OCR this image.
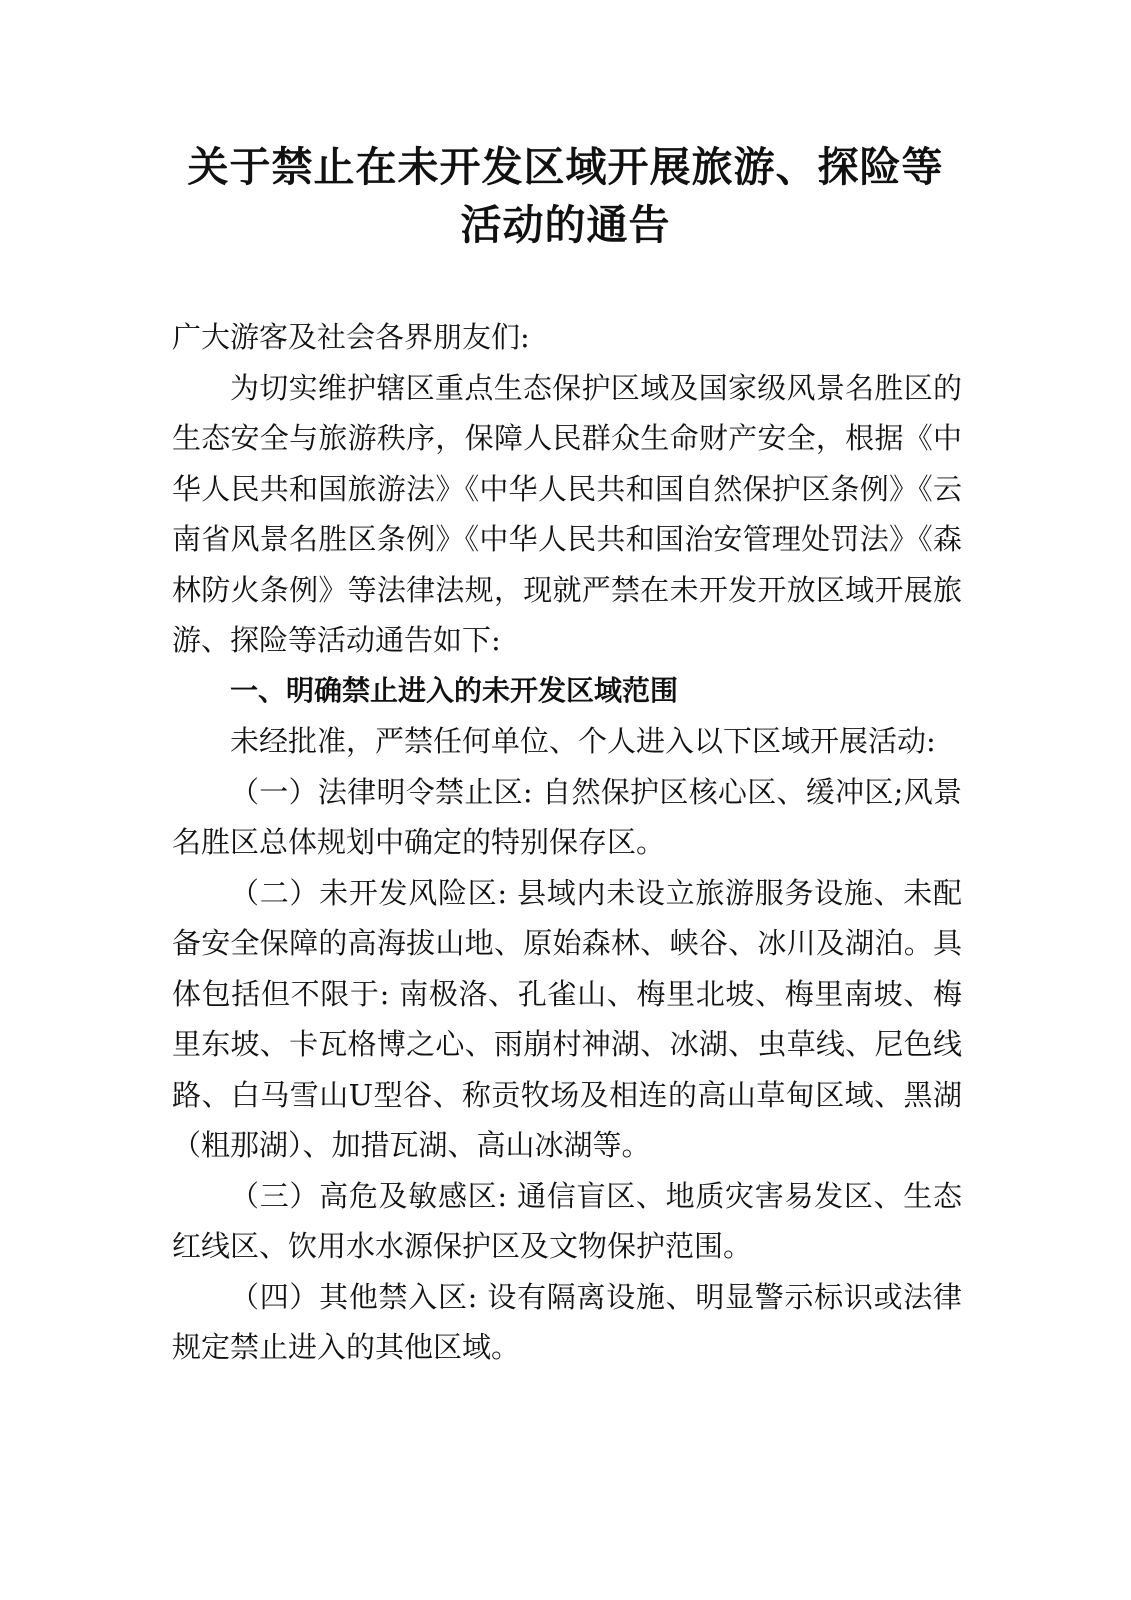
关于禁止在未开发区域开展旅游、探险等
活动的通告

广大游客及社会各界朋友们:

为切实维护辖区重点生态保护区域及国家级风景名胜区的生态安全与旅游秩序，保障人民群众生命财产安全，根据《中华人民共和国旅游法》《中华人民共和国自然保护区条例》《云南省风景名胜区条例》《中华人民共和国治安管理处罚法》《森林防火条例》等法律法规，现就严禁在未开发开放区域开展旅游、探险等活动通告如下:

一、明确禁止进入的未开发区域范围

未经批准，严禁任何单位、个人进入以下区域开展活动:

（一）法律明令禁止区: 自然保护区核心区、缓冲区;风景名胜区总体规划中确定的特别保存区。

（二）未开发风险区: 县域内未设立旅游服务设施、未配备安全保障的高海拔山地、原始森林、峡谷、冰川及湖泊。具体包括但不限于: 南极洛、孔雀山、梅里北坡、梅里南坡、梅里东坡、卡瓦格博之心、雨崩村神湖、冰湖、虫草线、尼色线路、白马雪山U型谷、称贡牧场及相连的高山草甸区域、黑湖（粗那湖）、加措瓦湖、高山冰湖等。

（三）高危及敏感区: 通信盲区、地质灾害易发区、生态红线区、饮用水水源保护区及文物保护范围。

（四）其他禁入区: 设有隔离设施、明显警示标识或法律规定禁止进入的其他区域。
